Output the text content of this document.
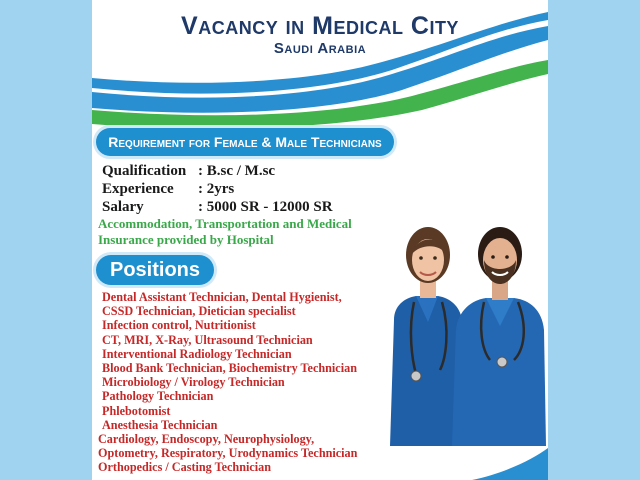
Vacancy in Medical City
Saudi Arabia
Requirement for Female & Male Technicians
Qualification : B.sc / M.sc
Experience : 2yrs
Salary	: 5000 SR - 12000 SR
Accommodation, Transportation and Medical Insurance provided by Hospital
Positions
Dental Assistant Technician, Dental Hygienist,
CSSD Technician, Dietician specialist
Infection control, Nutritionist
CT, MRI, X-Ray, Ultrasound Technician
Interventional Radiology Technician
Blood Bank Technician, Biochemistry Technician
Microbiology / Virology Technician
Pathology Technician
Phlebotomist
Anesthesia Technician
Cardiology, Endoscopy, Neurophysiology,
Optometry, Respiratory, Urodynamics Technician
Orthopedics / Casting Technician
